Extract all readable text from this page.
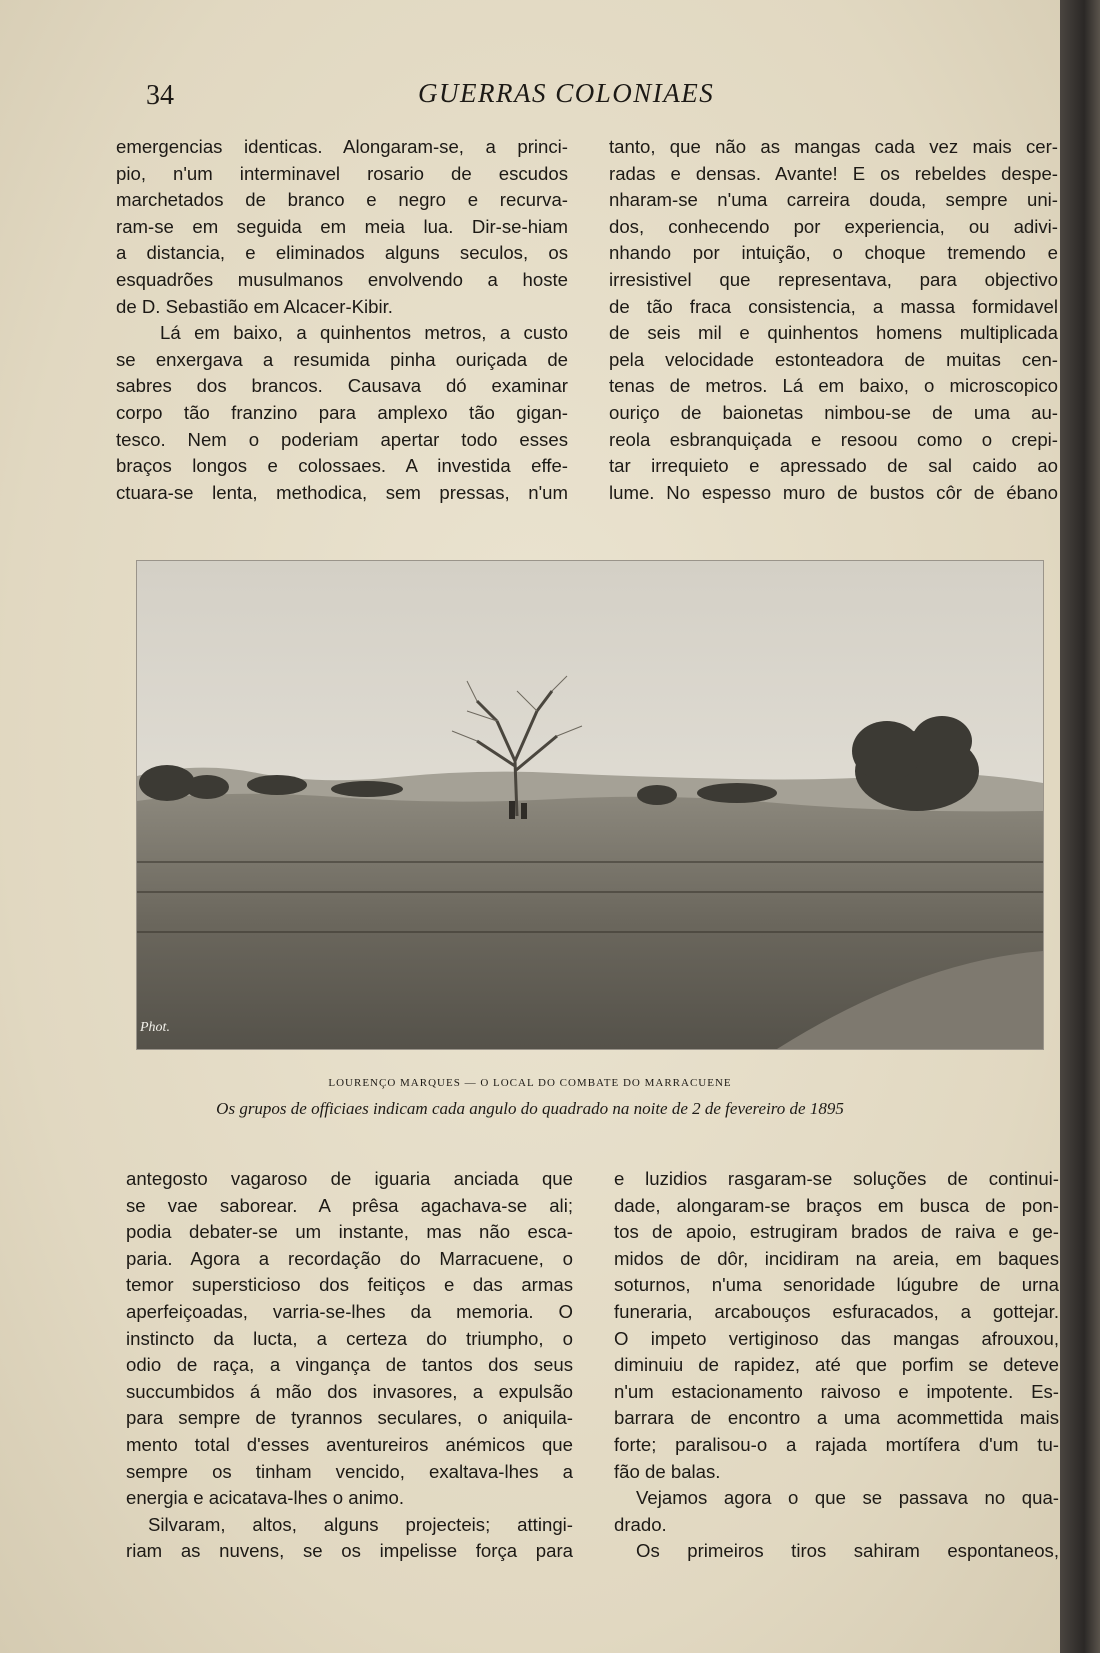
34	GUERRAS COLONIAES
emergencias identicas. Alongaram-se, a princi-
pio, n'um interminavel rosario de escudos
marchetados de branco e negro e recurva-
ram-se em seguida em meia lua. Dir-se-hiam
a distancia, e eliminados alguns seculos, os
esquadrões musulmanos envolvendo a hoste
de D. Sebastião em Alcacer-Kibir.
Lá em baixo, a quinhentos metros, a custo
se enxergava a resumida pinha ouriçada de
sabres dos brancos. Causava dó examinar
corpo tão franzino para amplexo tão gigan-
tesco. Nem o poderiam apertar todo esses
braços longos e colossaes. A investida effe-
ctuara-se lenta, methodica, sem pressas, n'um
tanto, que não as mangas cada vez mais cer-
radas e densas. Avante! E os rebeldes despe-
nharam-se n'uma carreira douda, sempre uni-
dos, conhecendo por experiencia, ou adivi-
nhando por intuição, o choque tremendo e
irresistivel que representava, para objectivo
de tão fraca consistencia, a massa formidavel
de seis mil e quinhentos homens multiplicada
pela velocidade estonteadora de muitas cen-
tenas de metros. Lá em baixo, o microscopico
ouriço de baionetas nimbou-se de uma au-
reola esbranquiçada e resoou como o crepi-
tar irrequieto e apressado de sal caido ao
lume. No espesso muro de bustos côr de ébano
Phot.
LOURENÇO MARQUES — O LOCAL DO COMBATE DO MARRACUENE
Os grupos de officiaes indicam cada angulo do quadrado na noite de 2 de fevereiro de 1895
antegosto vagaroso de iguaria anciada que
se vae saborear. A prêsa agachava-se ali;
podia debater-se um instante, mas não esca-
paria. Agora a recordação do Marracuene, o
temor supersticioso dos feitiços e das armas
aperfeiçoadas, varria-se-lhes da memoria. O
instincto da lucta, a certeza do triumpho, o
odio de raça, a vingança de tantos dos seus
succumbidos á mão dos invasores, a expulsão
para sempre de tyrannos seculares, o aniquila-
mento total d'esses aventureiros anémicos que
sempre os tinham vencido, exaltava-lhes a
energia e acicatava-lhes o animo.
Silvaram, altos, alguns projecteis; attingi-
riam as nuvens, se os impelisse força para
e luzidios rasgaram-se soluções de continui-
dade, alongaram-se braços em busca de pon-
tos de apoio, estrugiram brados de raiva e ge-
midos de dôr, incidiram na areia, em baques
soturnos, n'uma senoridade lúgubre de urna
funeraria, arcabouços esfuracados, a gottejar.
O impeto vertiginoso das mangas afrouxou,
diminuiu de rapidez, até que porfim se deteve
n'um estacionamento raivoso e impotente. Es-
barrara de encontro a uma acommettida mais
forte; paralisou-o a rajada mortífera d'um tu-
fão de balas.
Vejamos agora o que se passava no qua-
drado.
Os primeiros tiros sahiram espontaneos,
